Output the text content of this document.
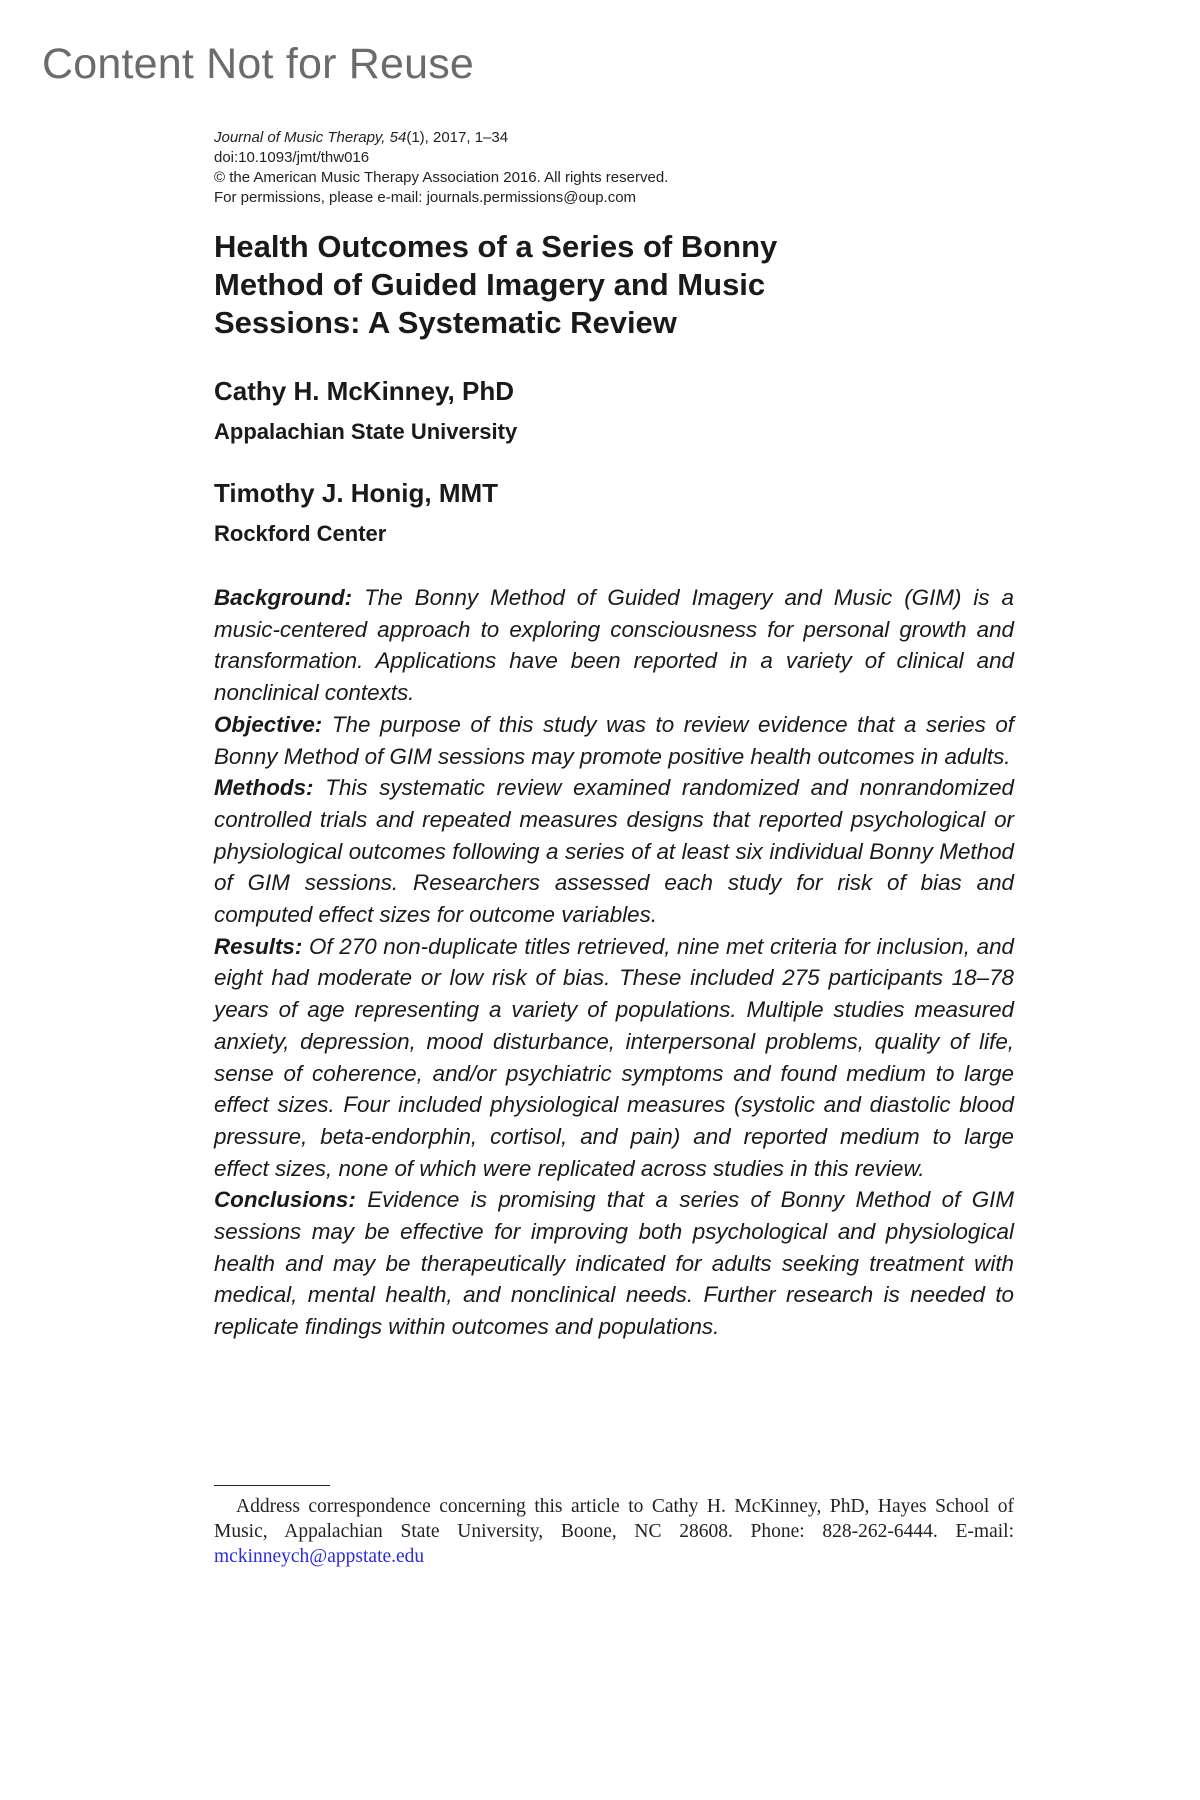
Content Not for Reuse
Journal of Music Therapy, 54(1), 2017, 1–34
doi:10.1093/jmt/thw016
© the American Music Therapy Association 2016. All rights reserved.
For permissions, please e-mail: journals.permissions@oup.com
Health Outcomes of a Series of Bonny Method of Guided Imagery and Music Sessions: A Systematic Review
Cathy H. McKinney, PhD
Appalachian State University
Timothy J. Honig, MMT
Rockford Center

Background: The Bonny Method of Guided Imagery and Music (GIM) is a music-centered approach to exploring consciousness for personal growth and transformation. Applications have been reported in a variety of clinical and nonclinical contexts.

Objective: The purpose of this study was to review evidence that a series of Bonny Method of GIM sessions may promote positive health outcomes in adults.

Methods: This systematic review examined randomized and nonrandomized controlled trials and repeated measures designs that reported psychological or physiological outcomes following a series of at least six individual Bonny Method of GIM sessions. Researchers assessed each study for risk of bias and computed effect sizes for outcome variables.

Results: Of 270 non-duplicate titles retrieved, nine met criteria for inclusion, and eight had moderate or low risk of bias. These included 275 participants 18–78 years of age representing a variety of populations. Multiple studies measured anxiety, depression, mood disturbance, interpersonal problems, quality of life, sense of coherence, and/or psychiatric symptoms and found medium to large effect sizes. Four included physiological measures (systolic and diastolic blood pressure, beta-endorphin, cortisol, and pain) and reported medium to large effect sizes, none of which were replicated across studies in this review.

Conclusions: Evidence is promising that a series of Bonny Method of GIM sessions may be effective for improving both psychological and physiological health and may be therapeutically indicated for adults seeking treatment with medical, mental health, and nonclinical needs. Further research is needed to replicate findings within outcomes and populations.

Address correspondence concerning this article to Cathy H. McKinney, PhD, Hayes School of Music, Appalachian State University, Boone, NC 28608. Phone: 828-262-6444. E-mail: mckinneych@appstate.edu
